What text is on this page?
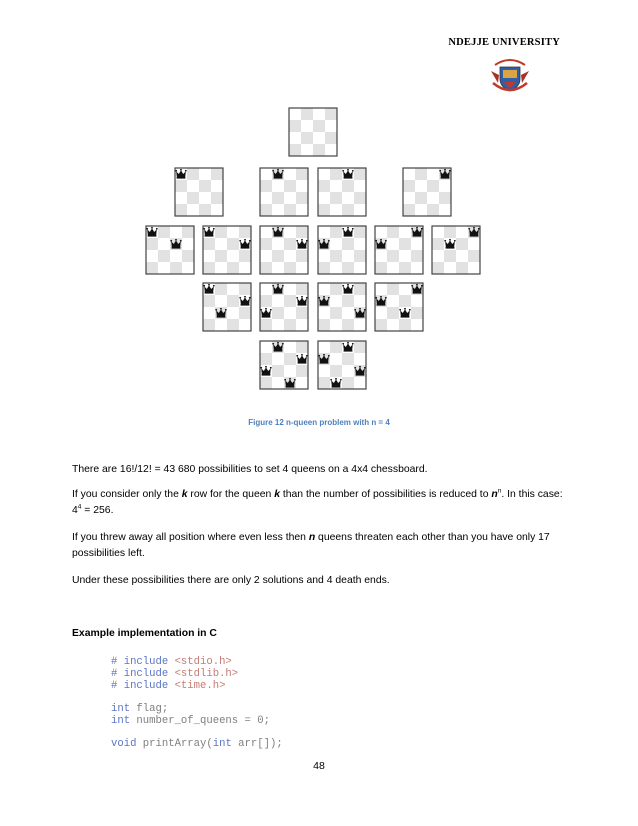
NDEJJE UNIVERSITY
Figure 12 n-queen problem with n = 4
There are 16!/12! = 43 680 possibilities to set 4 queens on a 4x4 chessboard.
If you consider only the k row for the queen k than the number of possibilities is reduced to $n^n$. In this case: $4^4 = 256$.
If you threw away all position where even less then n queens threaten each other than you have only 17 possibilities left.
Under these possibilities there are only 2 solutions and 4 death ends.
Example implementation in C
# include <stdio.h>
# include <stdlib.h>
# include <time.h>
int flag;
int number_of_queens = 0;
void printArray(int arr[]);
48
